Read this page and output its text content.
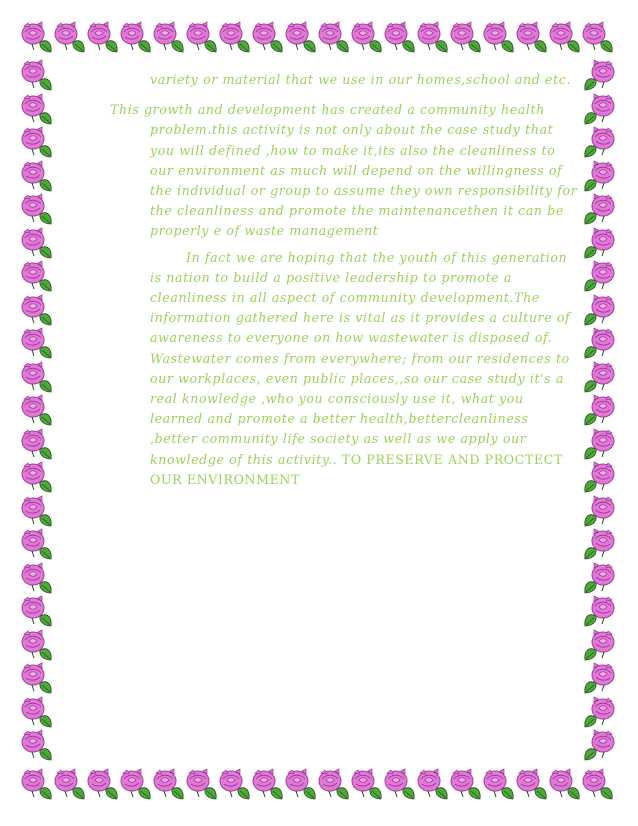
variety or material that we use in our homes,school and etc.

This growth and development has created a community health problem.this activity is not only about the case study that you will defined ,how to make it,its also the cleanliness to our environment as much will depend on the willingness of the individual or group to assume they own responsibility for the cleanliness and promote the maintenancethen it can be properly e of waste management

In fact we are hoping that the youth of this generation is nation to build a positive leadership to promote a cleanliness in all aspect of community development.The information gathered here is vital as it provides a culture of awareness to everyone on how wastewater is disposed of. Wastewater comes from everywhere; from our residences to our workplaces, even public places,,so our case study it's a real knowledge ,who you consciously use it, what you learned and promote a better health,bettercleanliness ,better community life society as well as we apply our knowledge of this activity.. TO PRESERVE AND PROCTECT OUR ENVIRONMENT
